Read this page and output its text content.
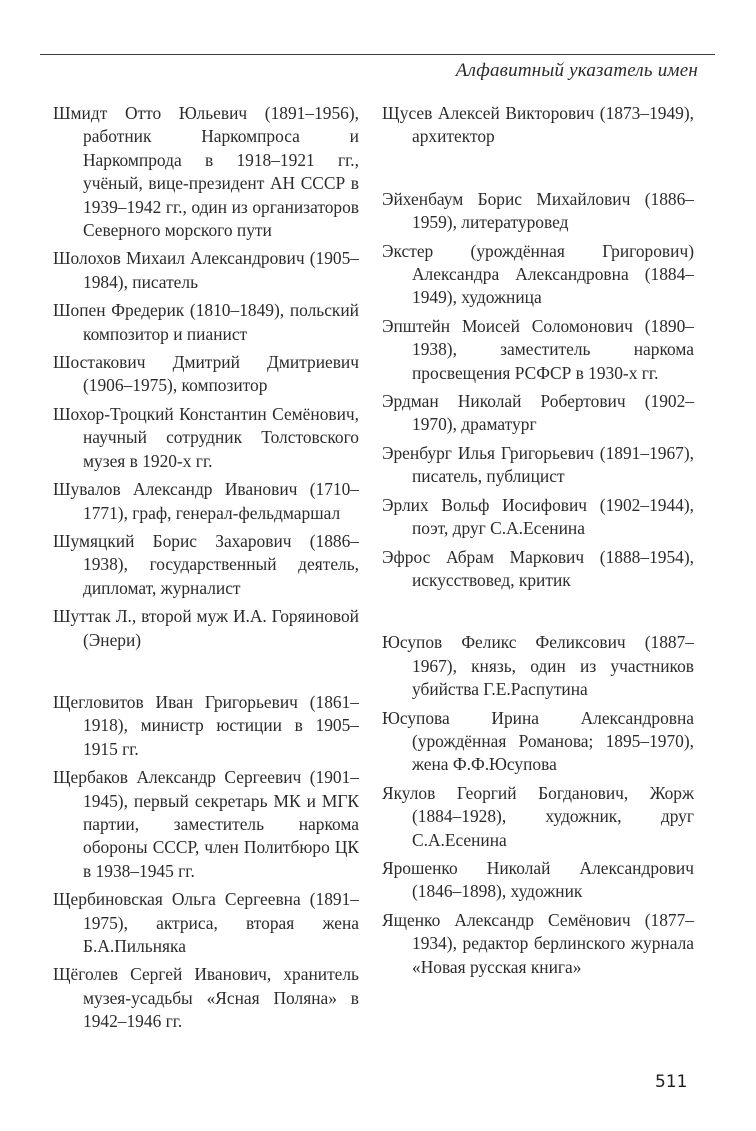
Алфавитный указатель имен

Шмидт Отто Юльевич (1891–1956), работник Наркомпроса и Наркомпрода в 1918–1921 гг., учёный, вице-президент АН СССР в 1939–1942 гг., один из организаторов Северного морского пути

Шолохов Михаил Александрович (1905–1984), писатель

Шопен Фредерик (1810–1849), польский композитор и пианист

Шостакович Дмитрий Дмитриевич (1906–1975), композитор

Шохор-Троцкий Константин Семёнович, научный сотрудник Толстовского музея в 1920-х гг.

Шувалов Александр Иванович (1710–1771), граф, генерал-фельдмаршал

Шумяцкий Борис Захарович (1886–1938), государственный деятель, дипломат, журналист

Шуттак Л., второй муж И.А. Горяиновой (Энери)

Щегловитов Иван Григорьевич (1861–1918), министр юстиции в 1905–1915 гг.

Щербаков Александр Сергеевич (1901–1945), первый секретарь МК и МГК партии, заместитель наркома обороны СССР, член Политбюро ЦК в 1938–1945 гг.

Щербиновская Ольга Сергеевна (1891–1975), актриса, вторая жена Б.А.Пильняка

Щёголев Сергей Иванович, хранитель музея-усадьбы «Ясная Поляна» в 1942–1946 гг.

Щусев Алексей Викторович (1873–1949), архитектор

Эйхенбаум Борис Михайлович (1886–1959), литературовед

Экстер (урождённая Григорович) Александра Александровна (1884–1949), художница

Эпштейн Моисей Соломонович (1890–1938), заместитель наркома просвещения РСФСР в 1930-х гг.

Эрдман Николай Робертович (1902–1970), драматург

Эренбург Илья Григорьевич (1891–1967), писатель, публицист

Эрлих Вольф Иосифович (1902–1944), поэт, друг С.А.Есенина

Эфрос Абрам Маркович (1888–1954), искусствовед, критик

Юсупов Феликс Феликсович (1887–1967), князь, один из участников убийства Г.Е.Распутина

Юсупова Ирина Александровна (урождённая Романова; 1895–1970), жена Ф.Ф.Юсупова

Якулов Георгий Богданович, Жорж (1884–1928), художник, друг С.А.Есенина

Ярошенко Николай Александрович (1846–1898), художник

Ященко Александр Семёнович (1877–1934), редактор берлинского журнала «Новая русская книга»

511
